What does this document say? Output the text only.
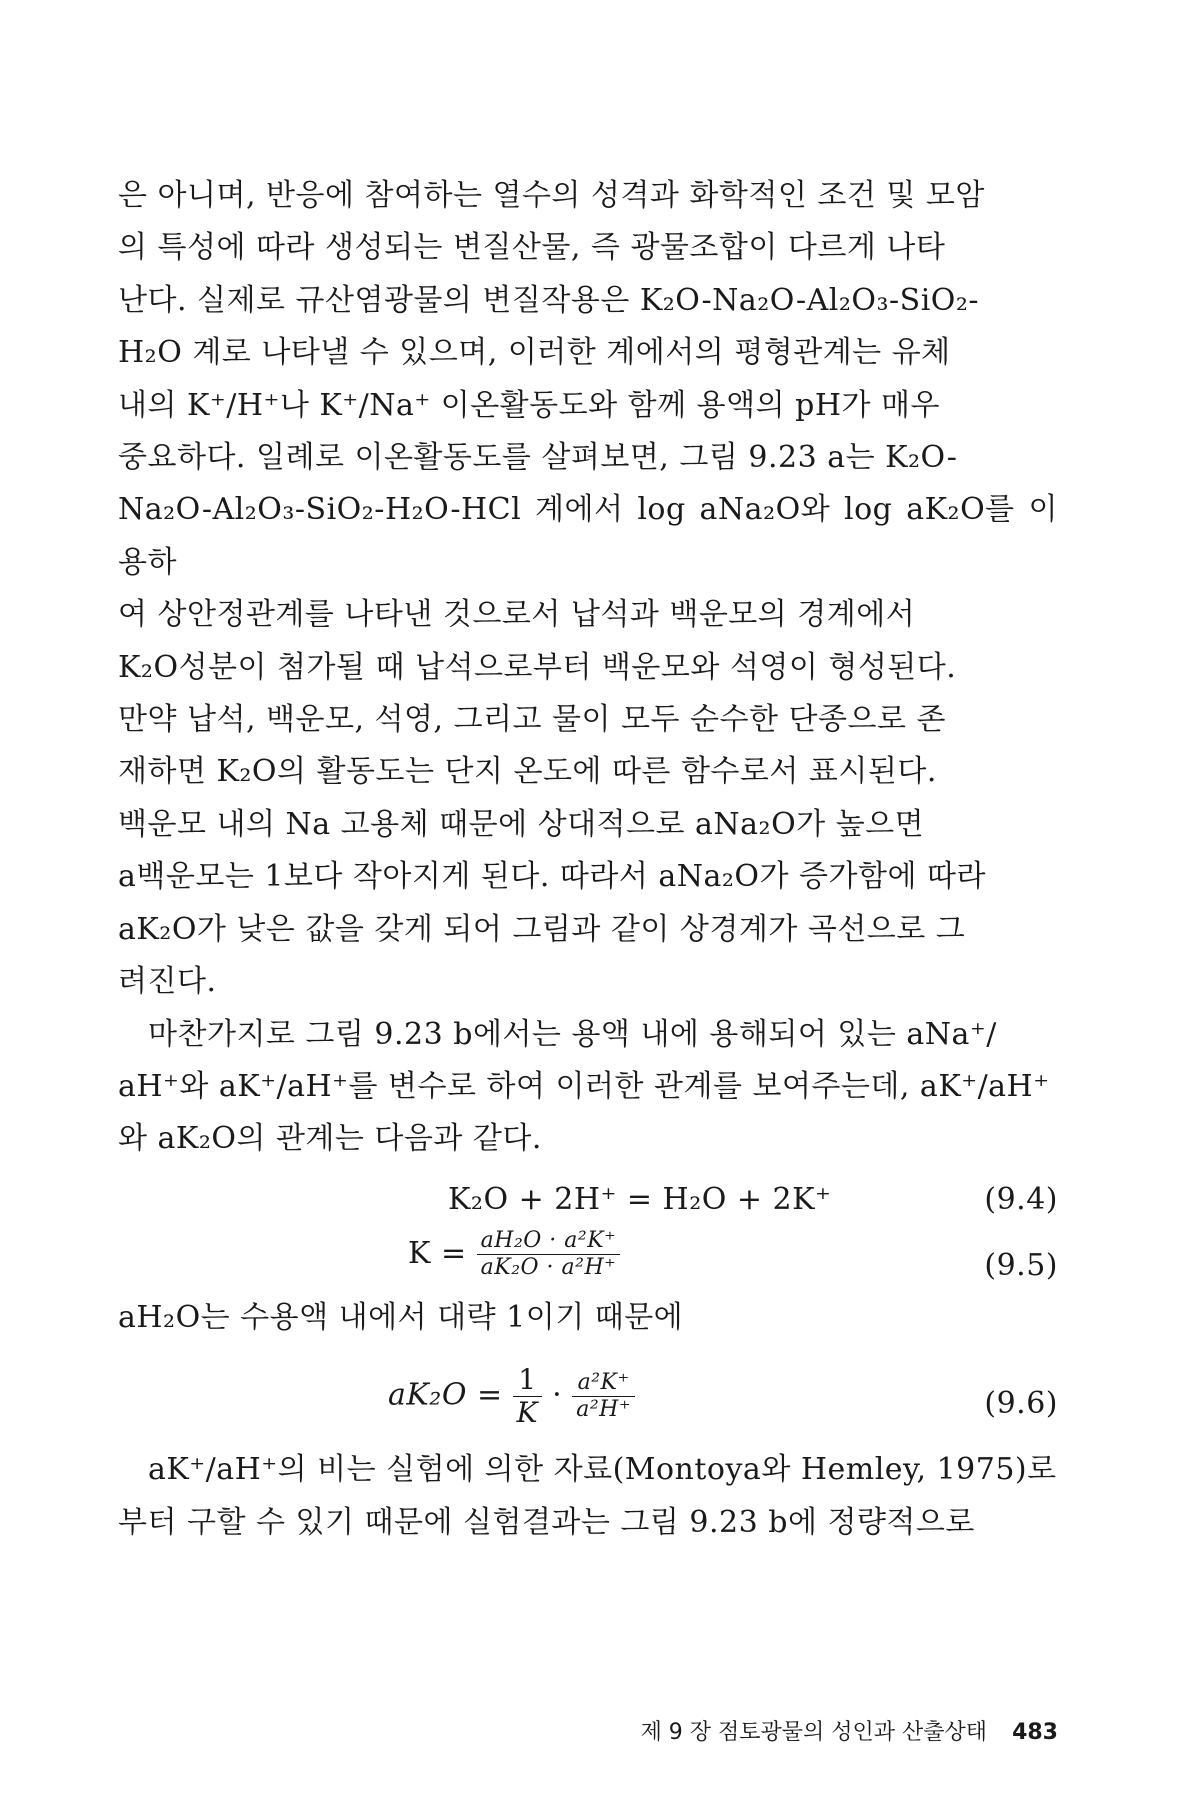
은 아니며, 반응에 참여하는 열수의 성격과 화학적인 조건 및 모암

의 특성에 따라 생성되는 변질산물, 즉 광물조합이 다르게 나타

난다. 실제로 규산염광물의 변질작용은 K₂O-Na₂O-Al₂O₃-SiO₂-

H₂O 계로 나타낼 수 있으며, 이러한 계에서의 평형관계는 유체

내의 K⁺/H⁺나 K⁺/Na⁺ 이온활동도와 함께 용액의 pH가 매우

중요하다. 일례로 이온활동도를 살펴보면, 그림 9.23 a는 K₂O-

Na₂O-Al₂O₃-SiO₂-H₂O-HCl 계에서 log aNa₂O와 log aK₂O를 이용하

여 상안정관계를 나타낸 것으로서 납석과 백운모의 경계에서

K₂O성분이 첨가될 때 납석으로부터 백운모와 석영이 형성된다.

만약 납석, 백운모, 석영, 그리고 물이 모두 순수한 단종으로 존

재하면 K₂O의 활동도는 단지 온도에 따른 함수로서 표시된다.

백운모 내의 Na 고용체 때문에 상대적으로 aNa₂O가 높으면

a백운모는 1보다 작아지게 된다. 따라서 aNa₂O가 증가함에 따라

aK₂O가 낮은 값을 갖게 되어 그림과 같이 상경계가 곡선으로 그

려진다.

마찬가지로 그림 9.23 b에서는 용액 내에 용해되어 있는 aNa⁺/

aH⁺와 aK⁺/aH⁺를 변수로 하여 이러한 관계를 보여주는데, aK⁺/aH⁺

와 aK₂O의 관계는 다음과 같다.

K₂O + 2H⁺ = H₂O + 2K⁺	(9.4)
$K = \frac{\text{aH₂O · a²K⁺}}{\text{aK₂O · a²H⁺}}$	(9.5)

aH₂O는 수용액 내에서 대략 1이기 때문에

$aK_2O = \frac{1}{K} \cdot \frac{\text{a²K⁺}}{\text{a²H⁺}}$	(9.6)

aK⁺/aH⁺의 비는 실험에 의한 자료(Montoya와 Hemley, 1975)로

부터 구할 수 있기 때문에 실험결과는 그림 9.23 b에 정량적으로

제 9 장 점토광물의 성인과 산출상태 483
